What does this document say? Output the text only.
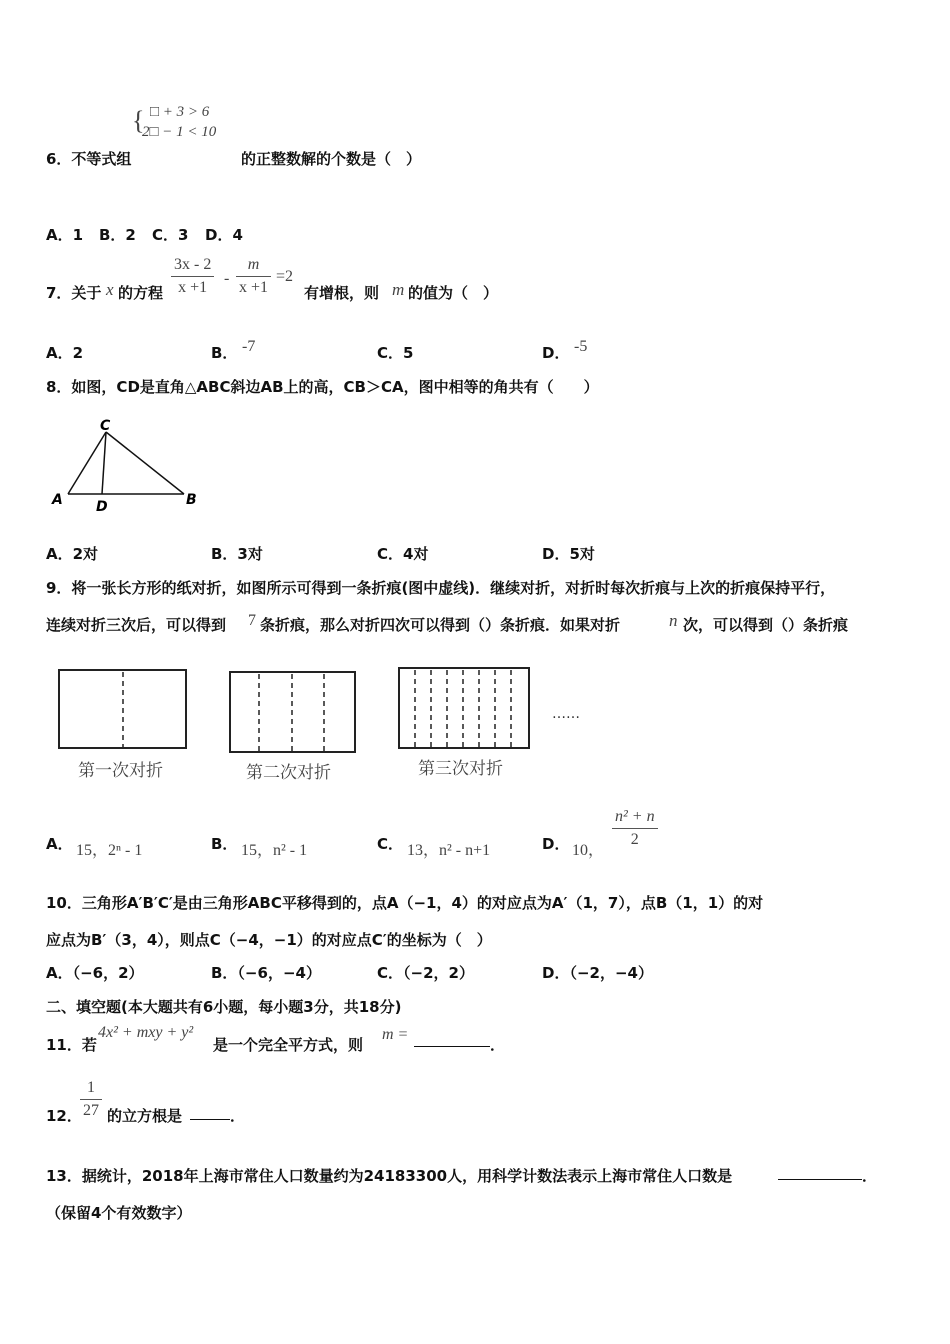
{ □ + 3 > 6
2□ − 1 < 10
6．不等式组	的正整数解的个数是（　）
A．1 B．2 C．3 D．4
7．关于 x 的方程 $\frac{3x - 2}{x +1} - \frac{m}{x +1} =2$
有增根，则 m 的值为（　）
A．2	B． -7	C．5	D． -5
8．如图，CD是直角△ABC斜边AB上的高，CB＞CA，图中相等的角共有（　　）
C
A D	B
A．2对	B．3对	C．4对	D．5对
9．将一张长方形的纸对折，如图所示可得到一条折痕(图中虚线)．继续对折，对折时每次折痕与上次的折痕保持平行，
连续对折三次后，可以得到 7 条折痕，那么对折四次可以得到（）条折痕．如果对折	n 次，可以得到（）条折痕
第一次对折	第二次对折	第三次对折
……
A． 15，2ⁿ - 1	B． 15，n² - 1	C． 13，n² - n+1	D． 10，
$\frac{\text{n² + n}}{2}$
10．三角形A′B′C′是由三角形ABC平移得到的，点A（−1，4）的对应点为A′（1，7），点B（1，1）的对
应点为B′（3，4），则点C（−4，−1）的对应点C′的坐标为（　）
A．（−6，2）	B．（−6，−4）	C．（−2，2）	D．（−2，−4）
二、填空题(本大题共有6小题，每小题3分，共18分)
11．若
4x² + mxy + y²
是一个完全平方式，则
m =
．
12．
$\frac{1}{27}$ 的立方根是	．
13．据统计，2018年上海市常住人口数量约为24183300人，用科学计数法表示上海市常住人口数是	．
（保留4个有效数字）
